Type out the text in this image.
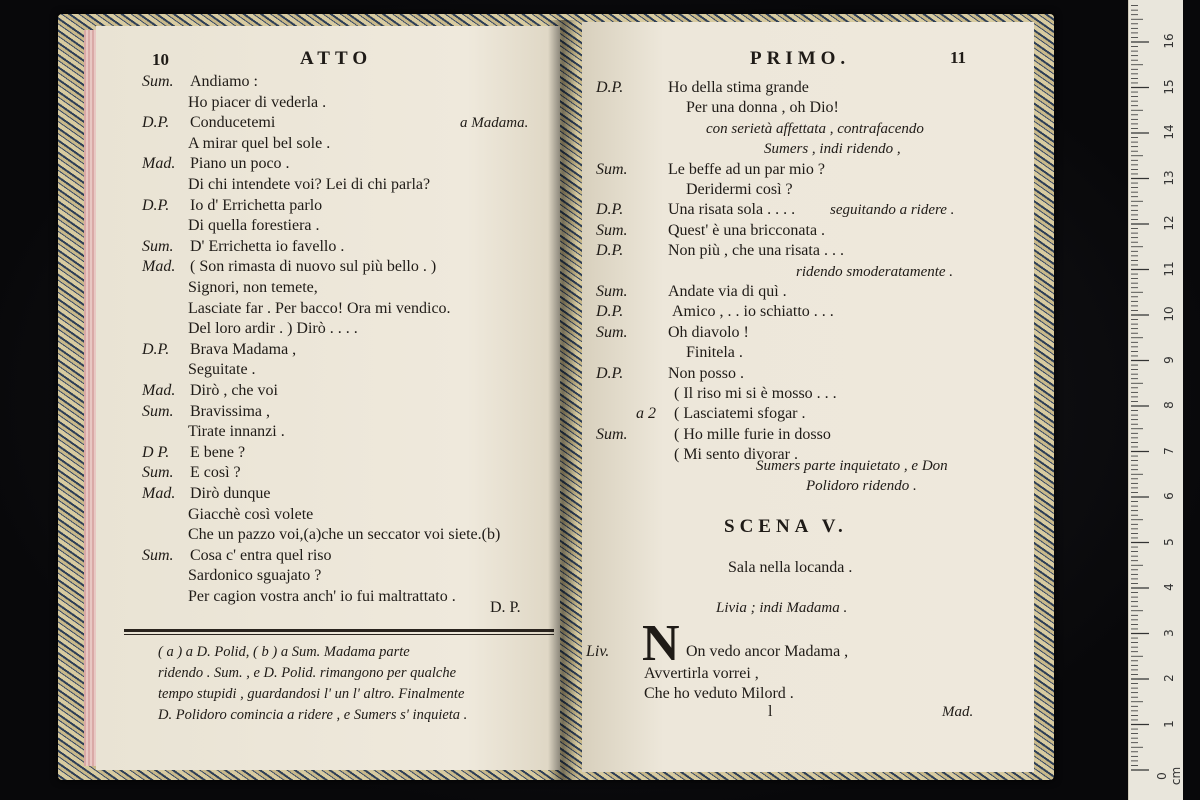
0 cm
1
2
3
4
5
6
7
8
9
10
11
12
13
14
15
16
10	ATTO
Sum. Andiamo :
Ho piacer di vederla .
D.P. Conducetemi	a Madama.
A mirar quel bel sole .
Mad. Piano un poco .
Di chi intendete voi? Lei di chi parla?
D.P. Io d' Errichetta parlo
Di quella forestiera .
Sum. D' Errichetta io favello .
Mad. ( Son rimasta di nuovo sul più bello . )
Signori, non temete,
Lasciate far . Per bacco! Ora mi vendico.
Del loro ardir . ) Dirò . . . .
D.P. Brava Madama ,
Seguitate .
Mad. Dirò , che voi
Sum. Bravissima ,
Tirate innanzi .
D P. E bene ?
Sum. E così ?
Mad. Dirò dunque
Giacchè così volete
Che un pazzo voi,(a)che un seccator voi siete.(b)
Sum. Cosa c' entra quel riso
Sardonico sguajato ?
Per cagion vostra anch' io fui maltrattato .
D. P.
( a ) a D. Polid, ( b ) a Sum. Madama parte
ridendo . Sum. , e D. Polid. rimangono per qualche
tempo stupidi , guardandosi l' un l' altro. Finalmente
D. Polidoro comincia a ridere , e Sumers s' inquieta .
PRIMO.	11
D.P.	Ho della stima grande
Per una donna , oh Dio!
con serietà affettata , contrafacendo
Sumers , indi ridendo ,
Sum.	Le beffe ad un par mio ?
Deridermi così ?
D.P.	Una risata sola . . . . seguitando a ridere .
Sum.	Quest' è una bricconata .
D.P.	Non più , che una risata . . .
ridendo smoderatamente .
Sum.	Andate via di quì .
D.P.	Amico , . . io schiatto . . .
Sum.	Oh diavolo !
Finitela .
D.P.	Non posso .
( Il riso mi si è mosso . . .
a 2 ( Lasciatemi sfogar .
Sum.	( Ho mille furie in dosso
( Mi sento divorar .
Sumers parte inquietato , e Don
Polidoro ridendo .
SCENA V.
Sala nella locanda .
Livia ; indi Madama .
Liv. N On vedo ancor Madama ,
Avvertirla vorrei ,
Che ho veduto Milord .
l	Mad.
